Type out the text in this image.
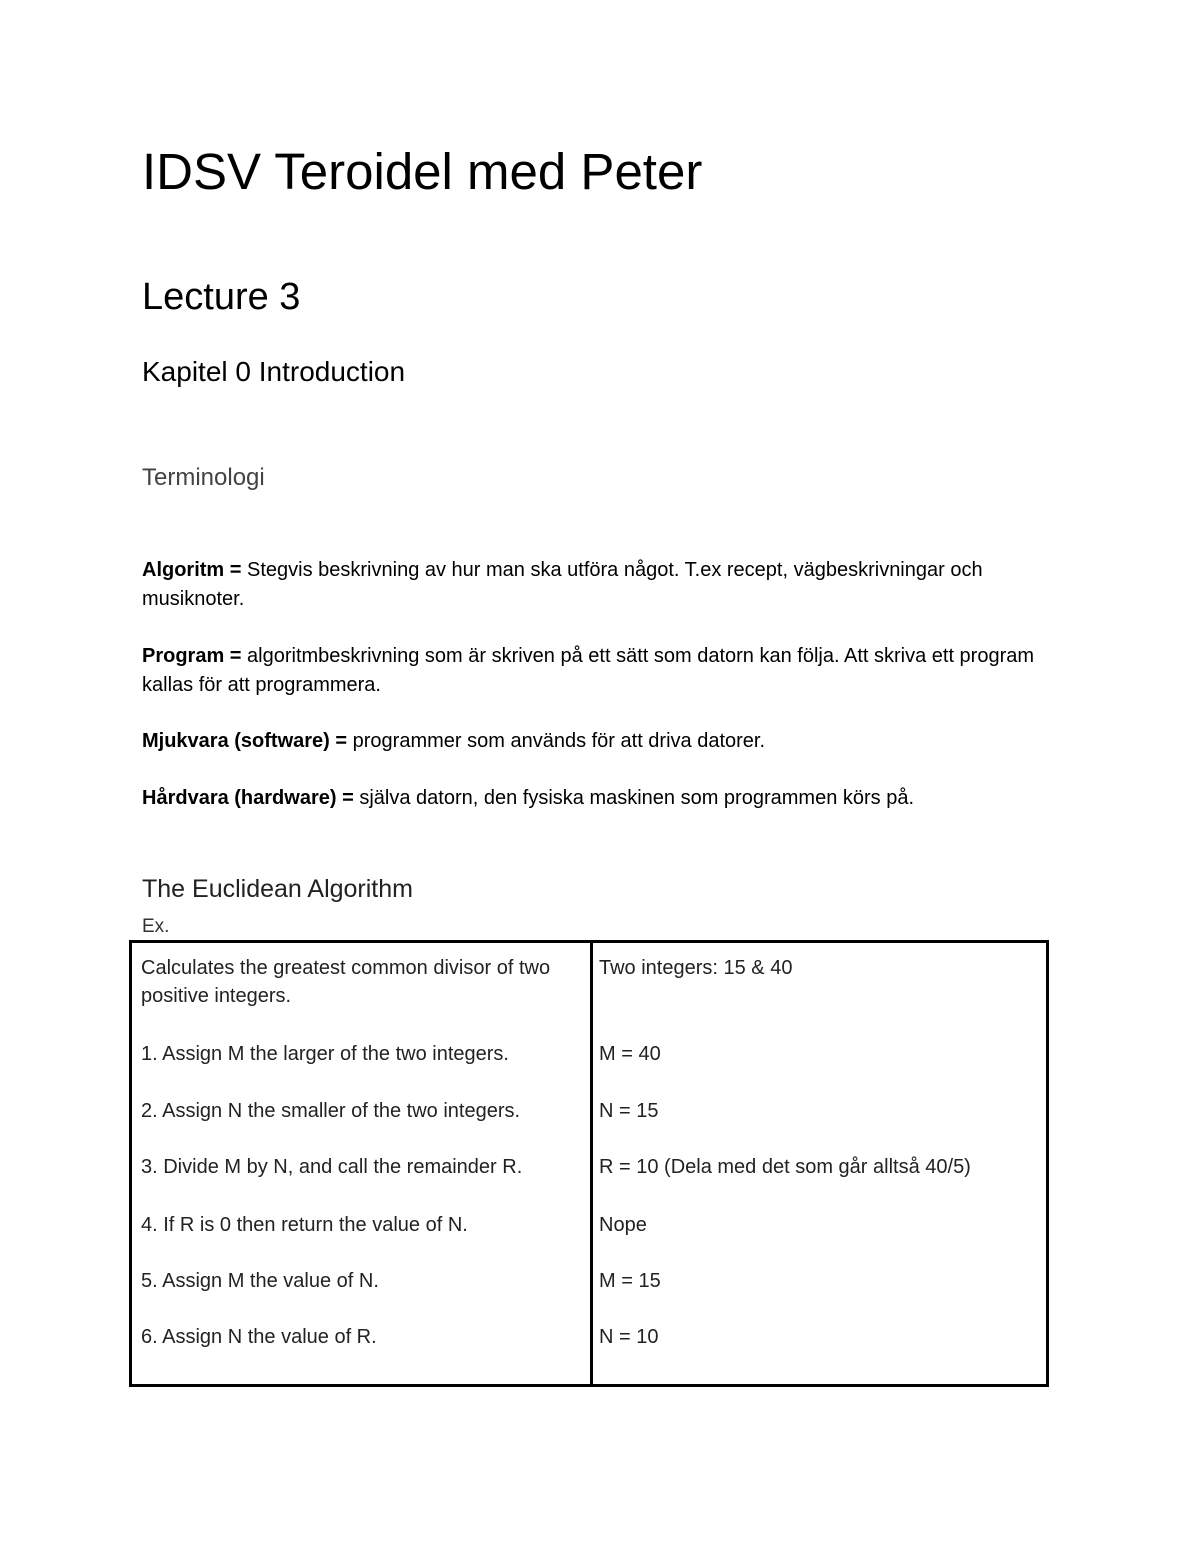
IDSV Teroidel med Peter
Lecture 3
Kapitel 0 Introduction
Terminologi

Algoritm = Stegvis beskrivning av hur man ska utföra något. T.ex recept, vägbeskrivningar och musiknoter.

Program = algoritmbeskrivning som är skriven på ett sätt som datorn kan följa. Att skriva ett program kallas för att programmera.

Mjukvara (software) = programmer som används för att driva datorer.

Hårdvara (hardware) = själva datorn, den fysiska maskinen som programmen körs på.

The Euclidean Algorithm
Ex.
Calculates the greatest common divisor of two positive integers.
1. Assign M the larger of the two integers.
2. Assign N the smaller of the two integers.
3. Divide M by N, and call the remainder R.
4. If R is 0 then return the value of N.
5. Assign M the value of N.
6. Assign N the value of R.
Two integers: 15 & 40
M = 40
N = 15
R = 10 (Dela med det som går alltså 40/5)
Nope
M = 15
N = 10
